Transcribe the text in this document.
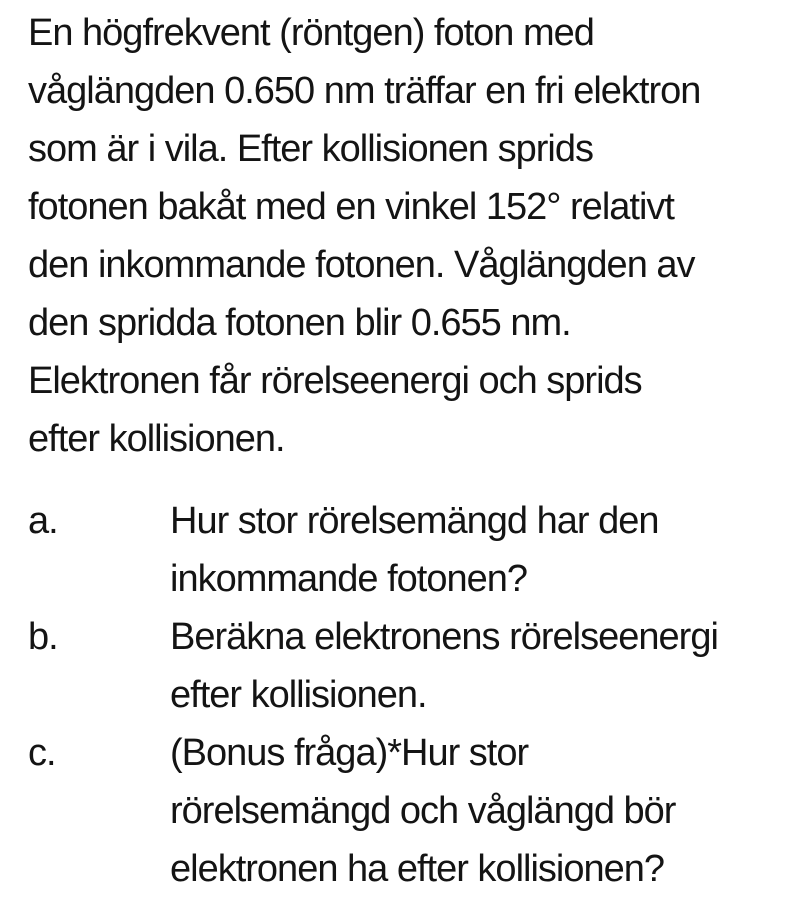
En högfrekvent (röntgen) foton med
våglängden 0.650 nm träffar en fri elektron
som är i vila. Efter kollisionen sprids
fotonen bakåt med en vinkel 152° relativt
den inkommande fotonen. Våglängden av
den spridda fotonen blir 0.655 nm.
Elektronen får rörelseenergi och sprids
efter kollisionen.
a.	Hur stor rörelsemängd har den
inkommande fotonen?
b.	Beräkna elektronens rörelseenergi
efter kollisionen.
c.	(Bonus fråga)*Hur stor
rörelsemängd och våglängd bör
elektronen ha efter kollisionen?
